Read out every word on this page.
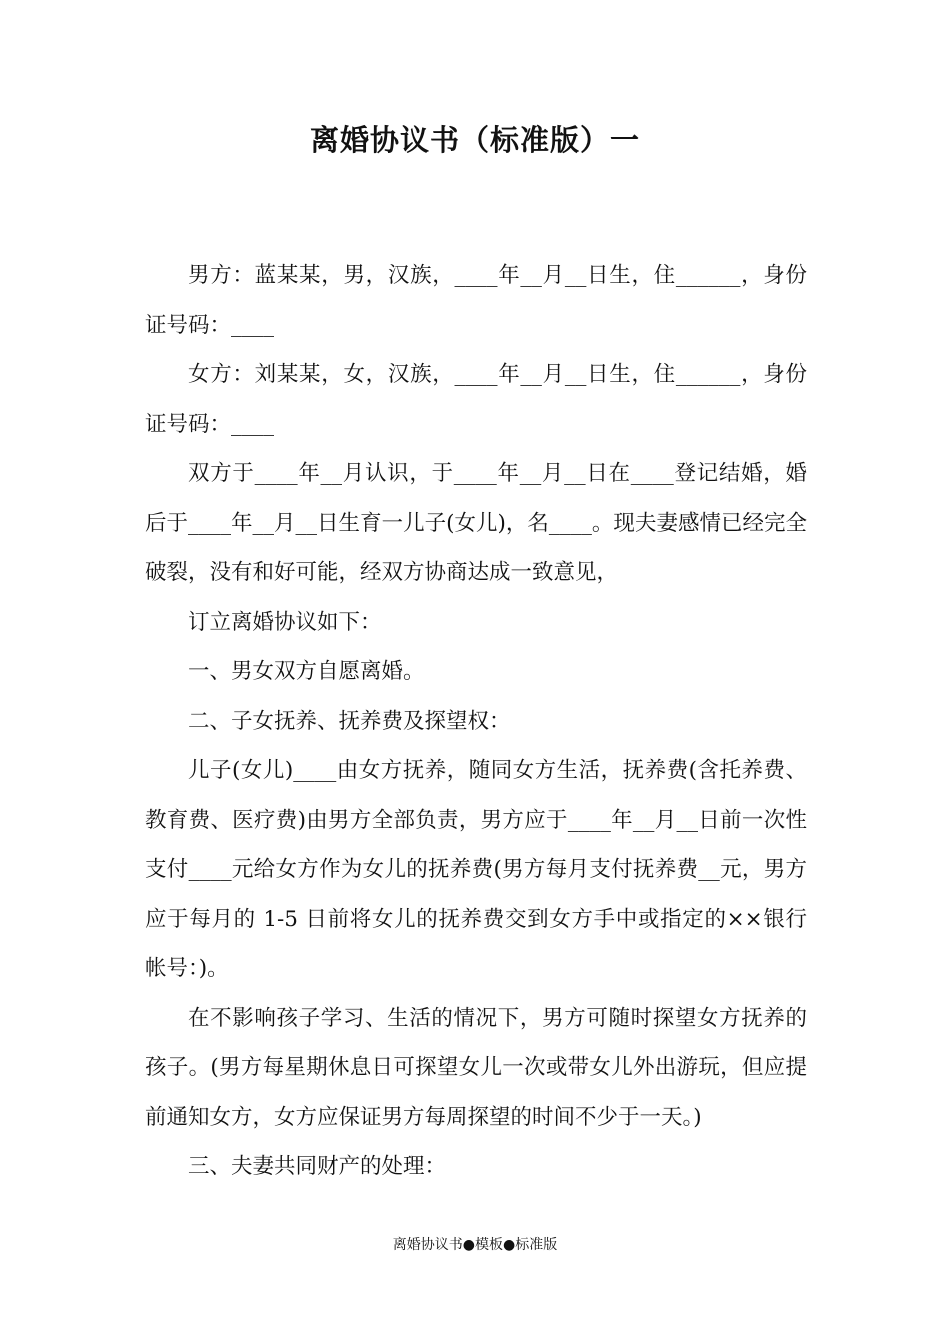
离婚协议书（标准版）一

男方：蓝某某，男，汉族，____年__月__日生，住______，身份证号码：____

女方：刘某某，女，汉族，____年__月__日生，住______，身份证号码：____

双方于____年__月认识，于____年__月__日在____登记结婚，婚后于____年__月__日生育一儿子(女儿)，名____。现夫妻感情已经完全破裂，没有和好可能，经双方协商达成一致意见，

订立离婚协议如下：

一、男女双方自愿离婚。

二、子女抚养、抚养费及探望权：

儿子(女儿)____由女方抚养，随同女方生活，抚养费(含托养费、教育费、医疗费)由男方全部负责，男方应于____年__月__日前一次性支付____元给女方作为女儿的抚养费(男方每月支付抚养费__元，男方应于每月的 1-5 日前将女儿的抚养费交到女方手中或指定的××银行帐号：)。

在不影响孩子学习、生活的情况下，男方可随时探望女方抚养的孩子。(男方每星期休息日可探望女儿一次或带女儿外出游玩，但应提前通知女方，女方应保证男方每周探望的时间不少于一天。)

三、夫妻共同财产的处理：

离婚协议书●模板●标准版
